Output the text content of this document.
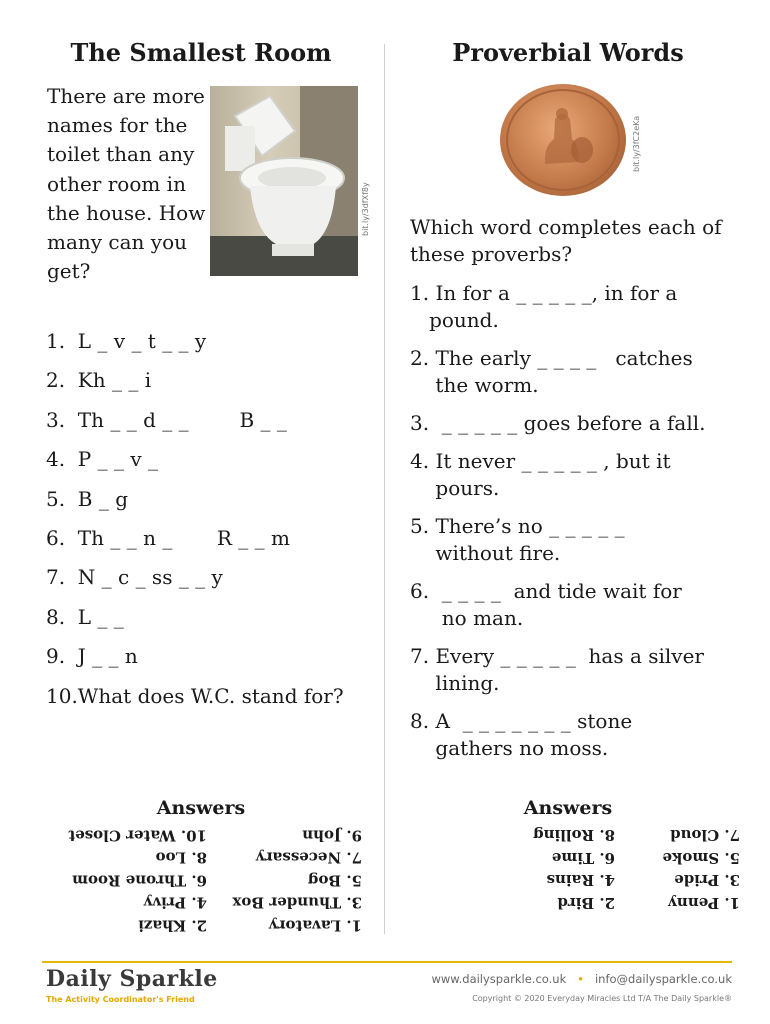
The Smallest Room
There are more names for the toilet than any other room in the house. How many can you get?
bit.ly/3dfXf8y
1.  L _ v _ t _ _ y
2.  Kh _ _ i
3.  Th _ _ d _ _        B _ _
4.  P _ _ v _
5.  B _ g
6.  Th _ _ n _       R _ _ m
7.  N _ c _ ss _ _ y
8.  L _ _
9.  J _ _ n
10.What does W.C. stand for?
Proverbial Words
bit.ly/3fC2eKa
Which word completes each of these proverbs?
1. In for a _ _ _ _ _, in for a
pound.
2. The early _ _ _ _   catches
the worm.
3.  _ _ _ _ _ goes before a fall.
4. It never _ _ _ _ _ , but it
pours.
5. There’s no _ _ _ _ _
without fire.
6.  _ _ _ _  and tide wait for
no man.
7. Every _ _ _ _ _  has a silver
lining.
8. A  _ _ _ _ _ _ _ stone
gathers no moss.
Answers	Answers
1. Lavatory
2. Khazi
3. Thunder Box
4. Privy
5. Bog
6. Throne Room
7. Necessary
8. Loo
9. John
10. Water Closet
1. Penny
2. Bird
3. Pride
4. Rains
5. Smoke
6. Time
7. Cloud
8. Rolling
Daily Sparkle
The Activity Coordinator's Friend
www.dailysparkle.co.uk • info@dailysparkle.co.uk
Copyright © 2020 Everyday Miracles Ltd T/A The Daily Sparkle®
